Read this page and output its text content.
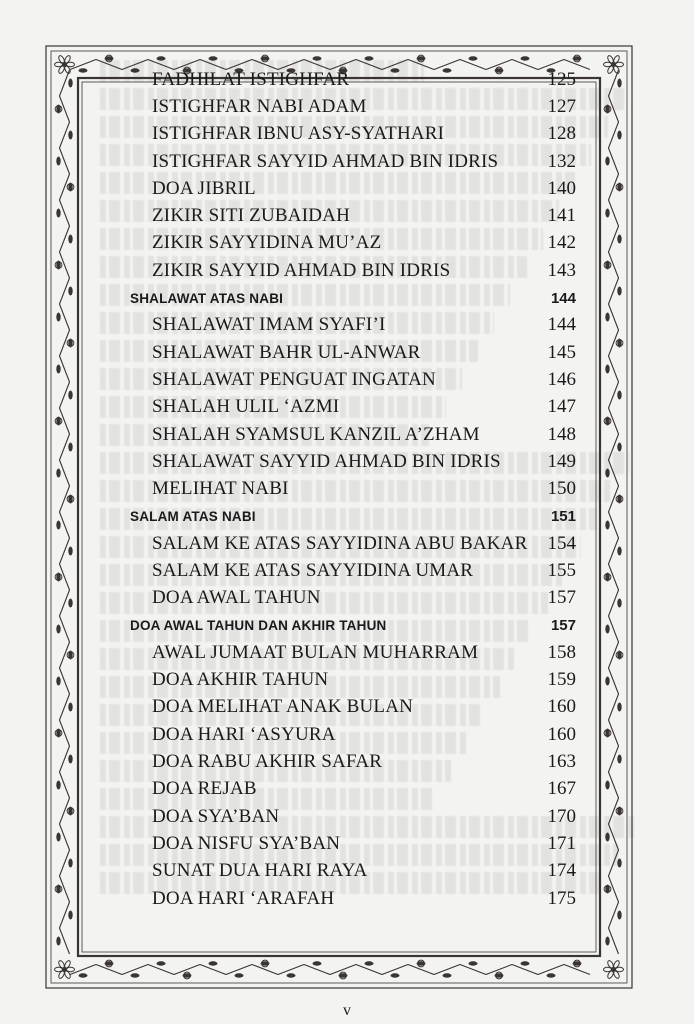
FADHILAT ISTIGHFAR	125
ISTIGHFAR NABI ADAM	127
ISTIGHFAR IBNU ASY-SYATHARI	128
ISTIGHFAR SAYYID AHMAD BIN IDRIS	132
DOA JIBRIL	140
ZIKIR SITI ZUBAIDAH	141
ZIKIR SAYYIDINA MU’AZ	142
ZIKIR SAYYID AHMAD BIN IDRIS	143
SHALAWAT ATAS NABI	144
SHALAWAT IMAM SYAFI’I	144
SHALAWAT BAHR UL-ANWAR	145
SHALAWAT PENGUAT INGATAN	146
SHALAH ULIL ‘AZMI	147
SHALAH SYAMSUL KANZIL A’ZHAM	148
SHALAWAT SAYYID AHMAD BIN IDRIS	149
MELIHAT NABI	150
SALAM ATAS NABI	151
SALAM KE ATAS SAYYIDINA ABU BAKAR	154
SALAM KE ATAS SAYYIDINA UMAR	155
DOA AWAL TAHUN	157
DOA AWAL TAHUN DAN AKHIR TAHUN	157
AWAL JUMAAT BULAN MUHARRAM	158
DOA AKHIR TAHUN	159
DOA MELIHAT ANAK BULAN	160
DOA HARI ‘ASYURA	160
DOA RABU AKHIR SAFAR	163
DOA REJAB	167
DOA SYA’BAN	170
DOA NISFU SYA’BAN	171
SUNAT DUA HARI RAYA	174
DOA HARI ‘ARAFAH	175
v
